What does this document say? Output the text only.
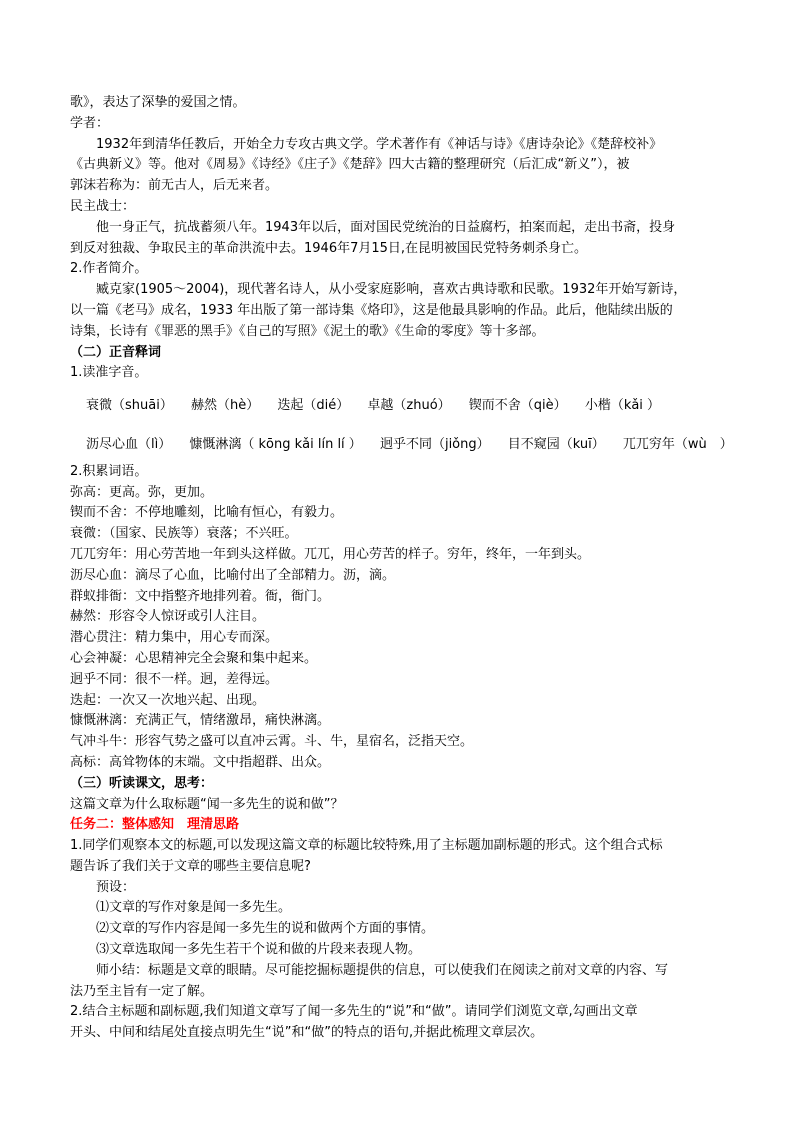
歌》，表达了深挚的爱国之情。

学者：

1932年到清华任教后，开始全力专攻古典文学。学术著作有《神话与诗》《唐诗杂论》《楚辞校补》

《古典新义》等。他对《周易》《诗经》《庄子》《楚辞》四大古籍的整理研究（后汇成“新义”），被

郭沫若称为：前无古人，后无来者。

民主战士：

他一身正气，抗战蓄须八年。1943年以后，面对国民党统治的日益腐朽，拍案而起，走出书斋，投身

到反对独裁、争取民主的革命洪流中去。1946年7月15日,在昆明被国民党特务刺杀身亡。

2.作者简介。

臧克家(1905～2004)，现代著名诗人，从小受家庭影响，喜欢古典诗歌和民歌。1932年开始写新诗，

以一篇《老马》成名，1933 年出版了第一部诗集《烙印》，这是他最具影响的作品。此后，他陆续出版的

诗集，长诗有《罪恶的黑手》《自己的写照》《泥土的歌》《生命的零度》等十多部。

（二）正音释词

1.读准字音。

衰微（shuāi） 赫然（hè） 迭起（dié） 卓越（zhuó） 锲而不舍（qiè） 小楷（kǎi ）
沥尽心血（lì） 慷慨淋漓（ kōng kǎi lín lí ） 迥乎不同（jiǒng） 目不窥园（kuī） 兀兀穷年（wù　）

2.积累词语。

弥高：更高。弥，更加。

锲而不舍：不停地雕刻，比喻有恒心，有毅力。

衰微：（国家、民族等）衰落；不兴旺。

兀兀穷年：用心劳苦地一年到头这样做。兀兀，用心劳苦的样子。穷年，终年，一年到头。

沥尽心血：滴尽了心血，比喻付出了全部精力。沥，滴。

群蚁排衙：文中指整齐地排列着。衙，衙门。

赫然：形容令人惊讶或引人注目。

潜心贯注：精力集中，用心专而深。

心会神凝：心思精神完全会聚和集中起来。

迥乎不同：很不一样。迥，差得远。

迭起：一次又一次地兴起、出现。

慷慨淋漓：充满正气，情绪激昂，痛快淋漓。

气冲斗牛：形容气势之盛可以直冲云霄。斗、牛，星宿名，泛指天空。

高标：高耸物体的末端。文中指超群、出众。

（三）听读课文，思考：

这篇文章为什么取标题“闻一多先生的说和做”？

任务二：整体感知　理清思路

1.同学们观察本文的标题,可以发现这篇文章的标题比较特殊,用了主标题加副标题的形式。这个组合式标

题告诉了我们关于文章的哪些主要信息呢?

预设：

⑴文章的写作对象是闻一多先生。

⑵文章的写作内容是闻一多先生的说和做两个方面的事情。

⑶文章选取闻一多先生若干个说和做的片段来表现人物。

师小结：标题是文章的眼睛。尽可能挖掘标题提供的信息，可以使我们在阅读之前对文章的内容、写

法乃至主旨有一定了解。

2.结合主标题和副标题,我们知道文章写了闻一多先生的“说”和“做”。请同学们浏览文章,勾画出文章

开头、中间和结尾处直接点明先生“说”和“做”的特点的语句,并据此梳理文章层次。
